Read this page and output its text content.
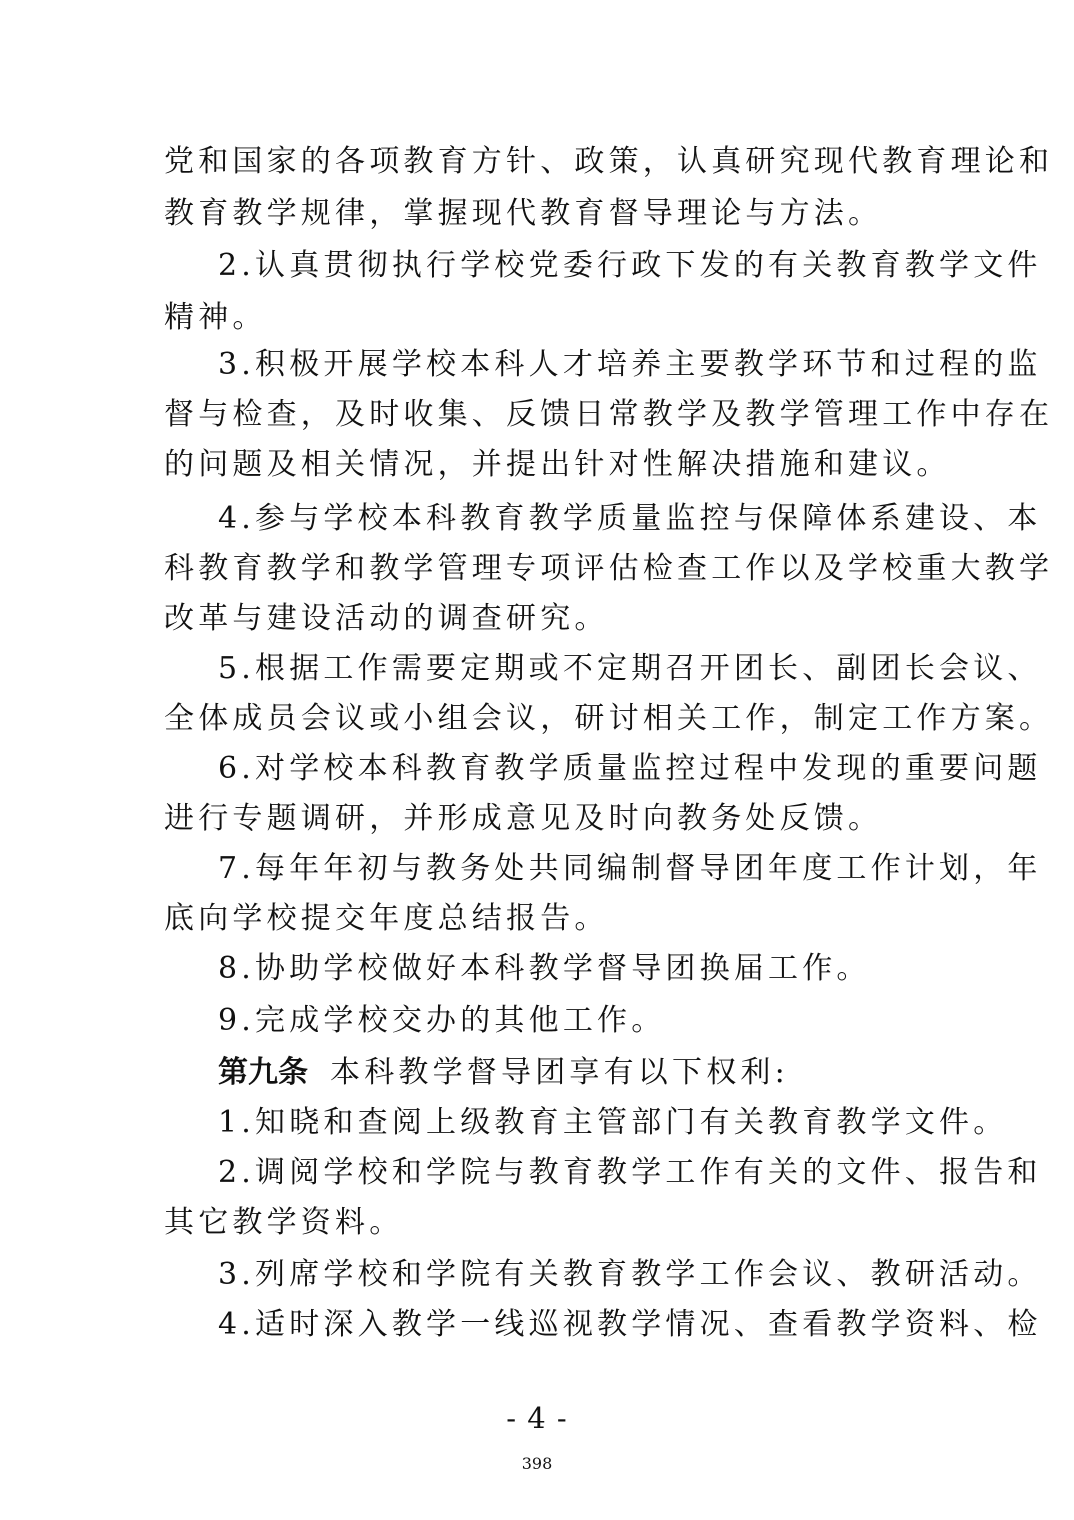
党和国家的各项教育方针、政策，认真研究现代教育理论和
教育教学规律，掌握现代教育督导理论与方法。
2.认真贯彻执行学校党委行政下发的有关教育教学文件
精神。
3.积极开展学校本科人才培养主要教学环节和过程的监
督与检查，及时收集、反馈日常教学及教学管理工作中存在
的问题及相关情况，并提出针对性解决措施和建议。
4.参与学校本科教育教学质量监控与保障体系建设、本
科教育教学和教学管理专项评估检查工作以及学校重大教学
改革与建设活动的调查研究。
5.根据工作需要定期或不定期召开团长、副团长会议、
全体成员会议或小组会议，研讨相关工作，制定工作方案。
6.对学校本科教育教学质量监控过程中发现的重要问题
进行专题调研，并形成意见及时向教务处反馈。
7.每年年初与教务处共同编制督导团年度工作计划，年
底向学校提交年度总结报告。
8.协助学校做好本科教学督导团换届工作。
9.完成学校交办的其他工作。
第九条 本科教学督导团享有以下权利:
1.知晓和查阅上级教育主管部门有关教育教学文件。
2.调阅学校和学院与教育教学工作有关的文件、报告和
其它教学资料。
3.列席学校和学院有关教育教学工作会议、教研活动。
4.适时深入教学一线巡视教学情况、查看教学资料、检
- 4 -
398
